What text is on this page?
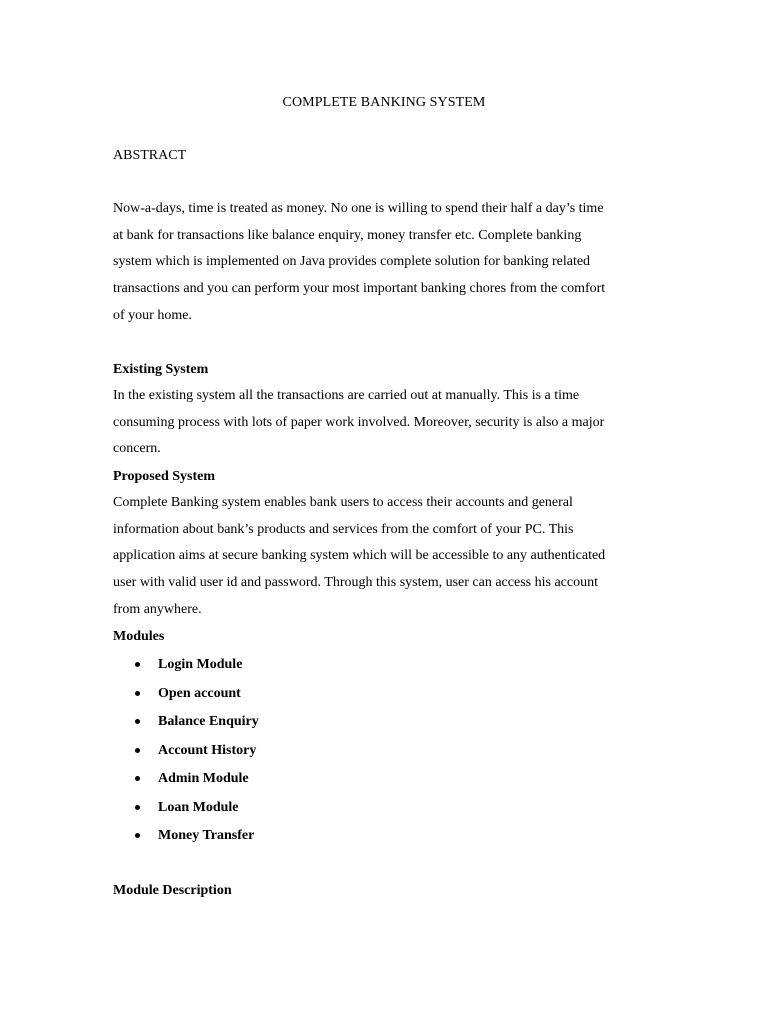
COMPLETE BANKING SYSTEM
ABSTRACT

Now-a-days, time is treated as money. No one is willing to spend their half a day’s time
at bank for transactions like balance enquiry, money transfer etc. Complete banking
system which is implemented on Java provides complete solution for banking related
transactions and you can perform your most important banking chores from the comfort
of your home.

Existing System

In the existing system all the transactions are carried out at manually. This is a time
consuming process with lots of paper work involved. Moreover, security is also a major
concern.

Proposed System

Complete Banking system enables bank users to access their accounts and general
information about bank’s products and services from the comfort of your PC. This
application aims at secure banking system which will be accessible to any authenticated
user with valid user id and password. Through this system, user can access his account
from anywhere.

Modules
Login Module
Open account
Balance Enquiry
Account History
Admin Module
Loan Module
Money Transfer
Module Description
